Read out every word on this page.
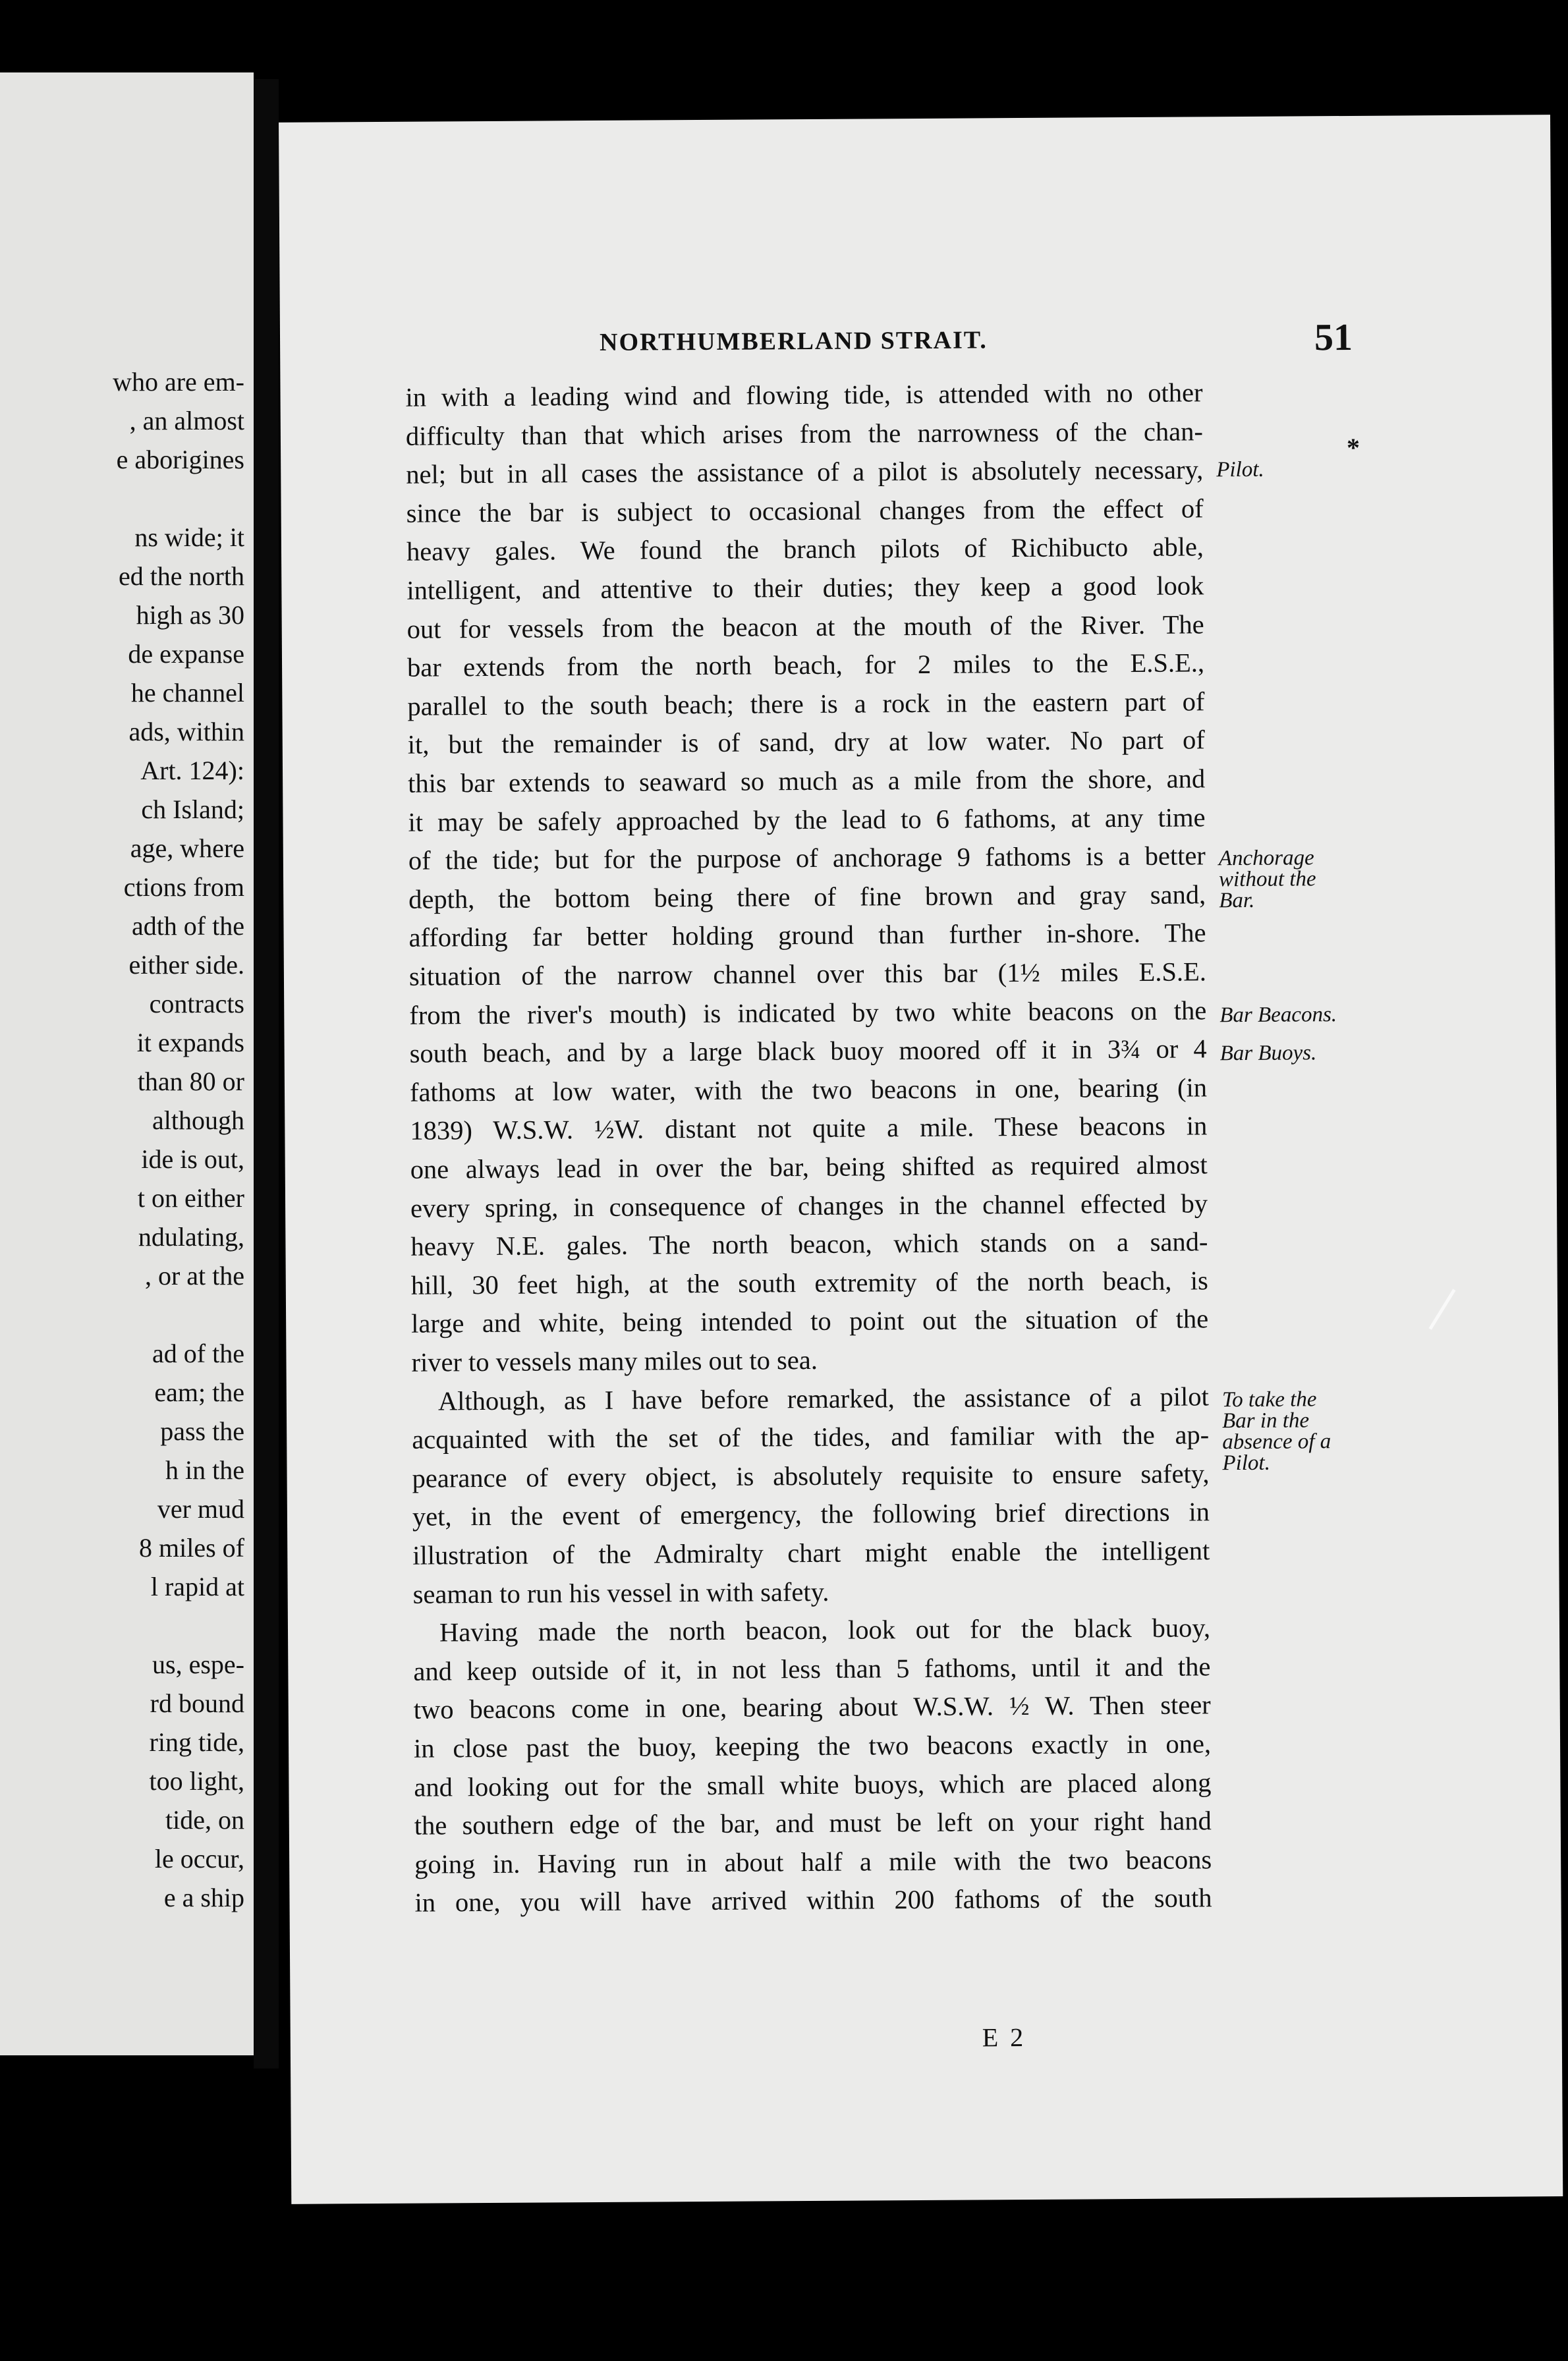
who are em-
, an almost
e aborigines
ns wide; it
ed the north
high as 30
de expanse
he channel
ads, within
Art. 124):
ch Island;
age, where
ctions from
adth of the
either side.
contracts
it expands
than 80 or
although
ide is out,
t on either
ndulating,
, or at the
ad of the
eam; the
pass the
h in the
ver mud
8 miles of
l rapid at
us, espe-
rd bound
ring tide,
too light,
tide, on
le occur,
e a ship
NORTHUMBERLAND STRAIT.	51
*
in with a leading wind and flowing tide, is attended with no other
difficulty than that which arises from the narrowness of the chan-
nel; but in all cases the assistance of a pilot is absolutely necessary,
since the bar is subject to occasional changes from the effect of
heavy gales. We found the branch pilots of Richibucto able,
intelligent, and attentive to their duties; they keep a good look
out for vessels from the beacon at the mouth of the River. The
bar extends from the north beach, for 2 miles to the E.S.E.,
parallel to the south beach; there is a rock in the eastern part of
it, but the remainder is of sand, dry at low water. No part of
this bar extends to seaward so much as a mile from the shore, and
it may be safely approached by the lead to 6 fathoms, at any time
of the tide; but for the purpose of anchorage 9 fathoms is a better
depth, the bottom being there of fine brown and gray sand,
affording far better holding ground than further in-shore. The
situation of the narrow channel over this bar (1½ miles E.S.E.
from the river's mouth) is indicated by two white beacons on the
south beach, and by a large black buoy moored off it in 3¾ or 4
fathoms at low water, with the two beacons in one, bearing (in
1839) W.S.W. ½W. distant not quite a mile. These beacons in
one always lead in over the bar, being shifted as required almost
every spring, in consequence of changes in the channel effected by
heavy N.E. gales. The north beacon, which stands on a sand-
hill, 30 feet high, at the south extremity of the north beach, is
large and white, being intended to point out the situation of the
river to vessels many miles out to sea.
Although, as I have before remarked, the assistance of a pilot
acquainted with the set of the tides, and familiar with the ap-
pearance of every object, is absolutely requisite to ensure safety,
yet, in the event of emergency, the following brief directions in
illustration of the Admiralty chart might enable the intelligent
seaman to run his vessel in with safety.
Having made the north beacon, look out for the black buoy,
and keep outside of it, in not less than 5 fathoms, until it and the
two beacons come in one, bearing about W.S.W. ½ W. Then steer
in close past the buoy, keeping the two beacons exactly in one,
and looking out for the small white buoys, which are placed along
the southern edge of the bar, and must be left on your right hand
going in. Having run in about half a mile with the two beacons
in one, you will have arrived within 200 fathoms of the south
Pilot.
Anchorage
without the
Bar.
Bar Beacons.
Bar Buoys.
To take the
Bar in the
absence of a
Pilot.
E 2
